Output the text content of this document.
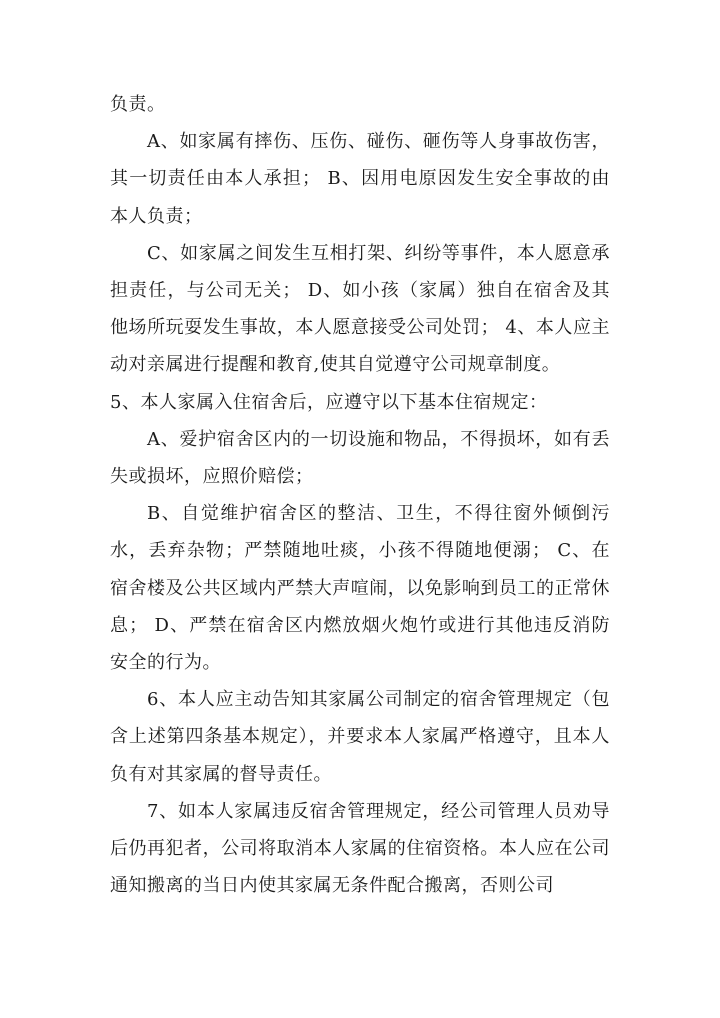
负责。

A、如家属有摔伤、压伤、碰伤、砸伤等人身事故伤害，其一切责任由本人承担； B、因用电原因发生安全事故的由本人负责；

C、如家属之间发生互相打架、纠纷等事件，本人愿意承担责任，与公司无关； D、如小孩（家属）独自在宿舍及其他场所玩耍发生事故，本人愿意接受公司处罚； 4、本人应主动对亲属进行提醒和教育,使其自觉遵守公司规章制度。

5、本人家属入住宿舍后，应遵守以下基本住宿规定：

A、爱护宿舍区内的一切设施和物品，不得损坏，如有丢失或损坏，应照价赔偿；

B、自觉维护宿舍区的整洁、卫生，不得往窗外倾倒污水，丢弃杂物；严禁随地吐痰，小孩不得随地便溺； C、在宿舍楼及公共区域内严禁大声喧闹，以免影响到员工的正常休息； D、严禁在宿舍区内燃放烟火炮竹或进行其他违反消防安全的行为。

6、本人应主动告知其家属公司制定的宿舍管理规定（包含上述第四条基本规定），并要求本人家属严格遵守，且本人负有对其家属的督导责任。

7、如本人家属违反宿舍管理规定，经公司管理人员劝导后仍再犯者，公司将取消本人家属的住宿资格。本人应在公司通知搬离的当日内使其家属无条件配合搬离，否则公司
